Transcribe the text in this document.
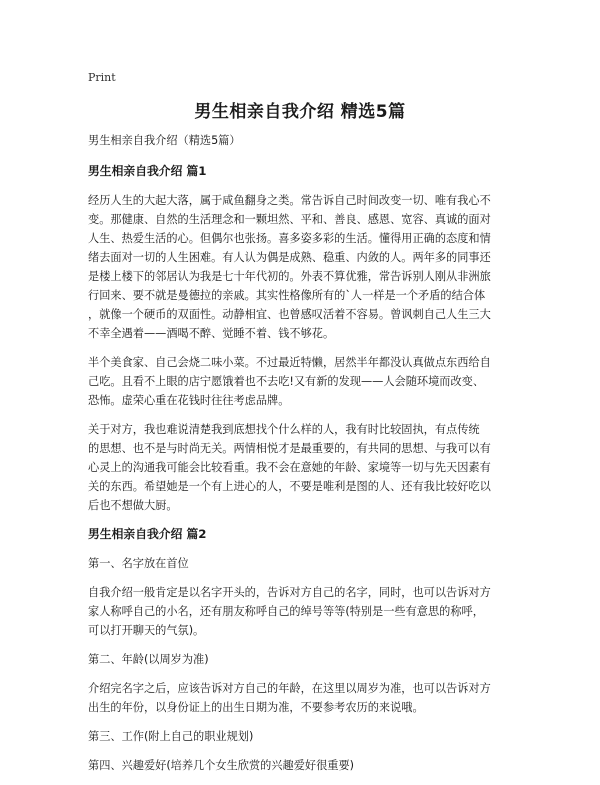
Print
男生相亲自我介绍 精选5篇

男生相亲自我介绍（精选5篇）

男生相亲自我介绍 篇1

经历人生的大起大落，属于咸鱼翻身之类。常告诉自己时间改变一切、唯有我心不
变。那健康、自然的生活理念和一颗坦然、平和、善良、感恩、宽容、真诚的面对
人生、热爱生活的心。但偶尔也张扬。喜多姿多彩的生活。懂得用正确的态度和情
绪去面对一切的人生困难。有人认为偶是成熟、稳重、内敛的人。两年多的同事还
是楼上楼下的邻居认为我是七十年代初的。外表不算优雅，常告诉别人刚从非洲旅
行回来、要不就是曼德拉的亲戚。其实性格像所有的`人一样是一个矛盾的结合体
，就像一个硬币的双面性。动静相宜、也曾感叹活着不容易。曾讽刺自己人生三大
不幸全遇着——酒喝不醉、觉睡不着、钱不够花。

半个美食家、自己会烧二味小菜。不过最近特懒，居然半年都没认真做点东西给自
己吃。且看不上眼的店宁愿饿着也不去吃!又有新的发现——人会随环境而改变、
恐怖。虚荣心重在花钱时往往考虑品牌。

关于对方，我也难说清楚我到底想找个什么样的人，我有时比较固执，有点传统
的思想、也不是与时尚无关。两情相悦才是最重要的，有共同的思想、与我可以有
心灵上的沟通我可能会比较看重。我不会在意她的年龄、家境等一切与先天因素有
关的东西。希望她是一个有上进心的人，不要是唯利是图的人、还有我比较好吃以
后也不想做大厨。

男生相亲自我介绍 篇2

第一、名字放在首位

自我介绍一般肯定是以名字开头的，告诉对方自己的名字，同时，也可以告诉对方
家人称呼自己的小名，还有朋友称呼自己的绰号等等(特别是一些有意思的称呼，
可以打开聊天的气氛)。

第二、年龄(以周岁为准)

介绍完名字之后，应该告诉对方自己的年龄，在这里以周岁为准，也可以告诉对方
出生的年份，以身份证上的出生日期为准，不要参考农历的来说哦。

第三、工作(附上自己的职业规划)

第四、兴趣爱好(培养几个女生欣赏的兴趣爱好很重要)
